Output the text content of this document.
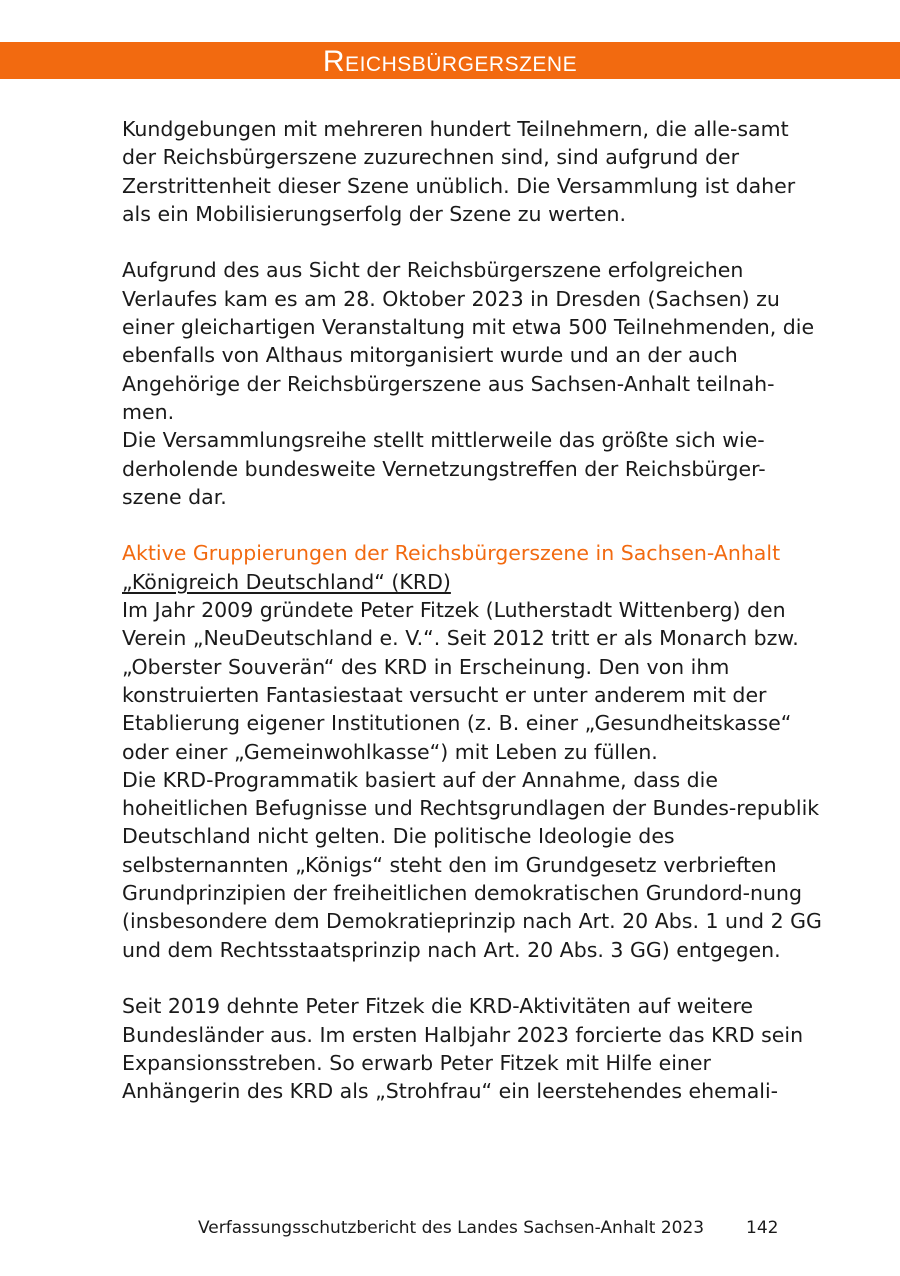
Reichsbürgerszene

Kundgebungen mit mehreren hundert Teilnehmern, die alle-samt der Reichsbürgerszene zuzurechnen sind, sind aufgrund der Zerstrittenheit dieser Szene unüblich. Die Versammlung ist daher als ein Mobilisierungserfolg der Szene zu werten.

Aufgrund des aus Sicht der Reichsbürgerszene erfolgreichen Verlaufes kam es am 28. Oktober 2023 in Dresden (Sachsen) zu einer gleichartigen Veranstaltung mit etwa 500 Teilnehmenden, die ebenfalls von Althaus mitorganisiert wurde und an der auch Angehörige der Reichsbürgerszene aus Sachsen-Anhalt teilnah-men.

Die Versammlungsreihe stellt mittlerweile das größte sich wie-derholende bundesweite Vernetzungstreffen der Reichsbürger-szene dar.

Aktive Gruppierungen der Reichsbürgerszene in Sachsen-Anhalt

„Königreich Deutschland“ (KRD)

Im Jahr 2009 gründete Peter Fitzek (Lutherstadt Wittenberg) den Verein „NeuDeutschland e. V.“. Seit 2012 tritt er als Monarch bzw. „Oberster Souverän“ des KRD in Erscheinung. Den von ihm konstruierten Fantasiestaat versucht er unter anderem mit der Etablierung eigener Institutionen (z. B. einer „Gesundheitskasse“ oder einer „Gemeinwohlkasse“) mit Leben zu füllen.

Die KRD-Programmatik basiert auf der Annahme, dass die hoheitlichen Befugnisse und Rechtsgrundlagen der Bundes-republik Deutschland nicht gelten. Die politische Ideologie des selbsternannten „Königs“ steht den im Grundgesetz verbrieften Grundprinzipien der freiheitlichen demokratischen Grundord-nung (insbesondere dem Demokratieprinzip nach Art. 20 Abs. 1 und 2 GG und dem Rechtsstaatsprinzip nach Art. 20 Abs. 3 GG) entgegen.

Seit 2019 dehnte Peter Fitzek die KRD-Aktivitäten auf weitere Bundesländer aus. Im ersten Halbjahr 2023 forcierte das KRD sein Expansionsstreben. So erwarb Peter Fitzek mit Hilfe einer Anhängerin des KRD als „Strohfrau“ ein leerstehendes ehemali-

Verfassungsschutzbericht des Landes Sachsen-Anhalt 2023 142
